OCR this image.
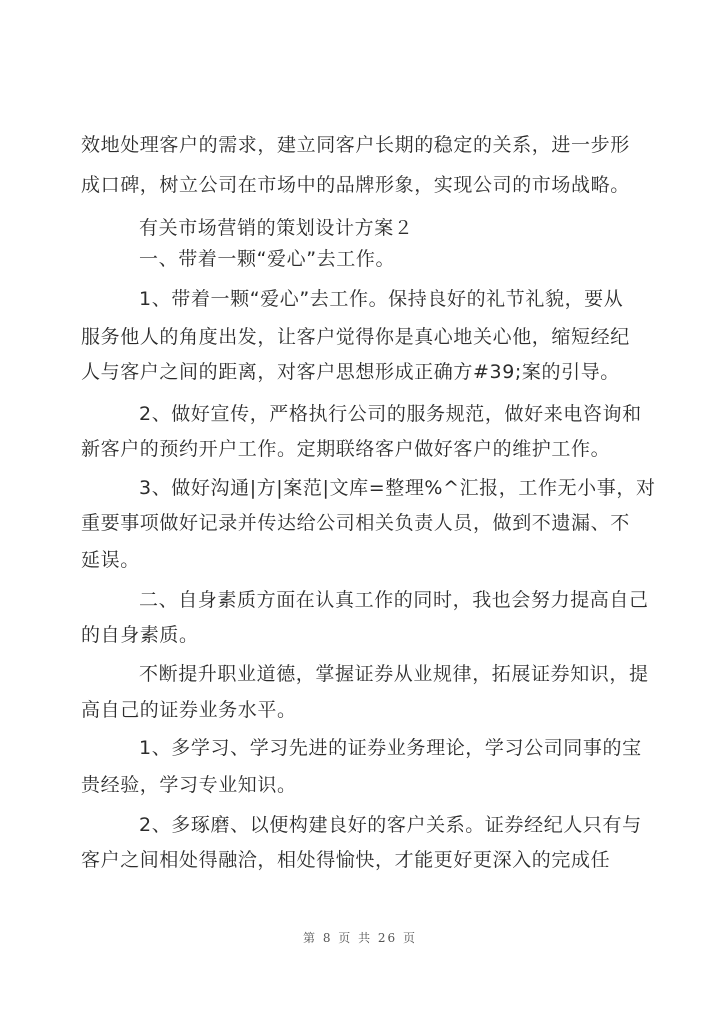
效地处理客户的需求，建立同客户长期的稳定的关系，进一步形
成口碑，树立公司在市场中的品牌形象，实现公司的市场战略。
有关市场营销的策划设计方案２
一、带着一颗“爱心”去工作。
1、带着一颗“爱心”去工作。保持良好的礼节礼貌，要从
服务他人的角度出发，让客户觉得你是真心地关心他，缩短经纪
人与客户之间的距离，对客户思想形成正确方#39;案的引导。
2、做好宣传，严格执行公司的服务规范，做好来电咨询和
新客户的预约开户工作。定期联络客户做好客户的维护工作。
3、做好沟通|方|案范|文库=整理%^汇报，工作无小事，对
重要事项做好记录并传达给公司相关负责人员，做到不遗漏、不
延误。
二、自身素质方面在认真工作的同时，我也会努力提高自己
的自身素质。
不断提升职业道德，掌握证券从业规律，拓展证券知识，提
高自己的证券业务水平。
1、多学习、学习先进的证券业务理论，学习公司同事的宝
贵经验，学习专业知识。
2、多琢磨、以便构建良好的客户关系。证券经纪人只有与
客户之间相处得融洽，相处得愉快，才能更好更深入的完成任
第 8 页 共 26 页
